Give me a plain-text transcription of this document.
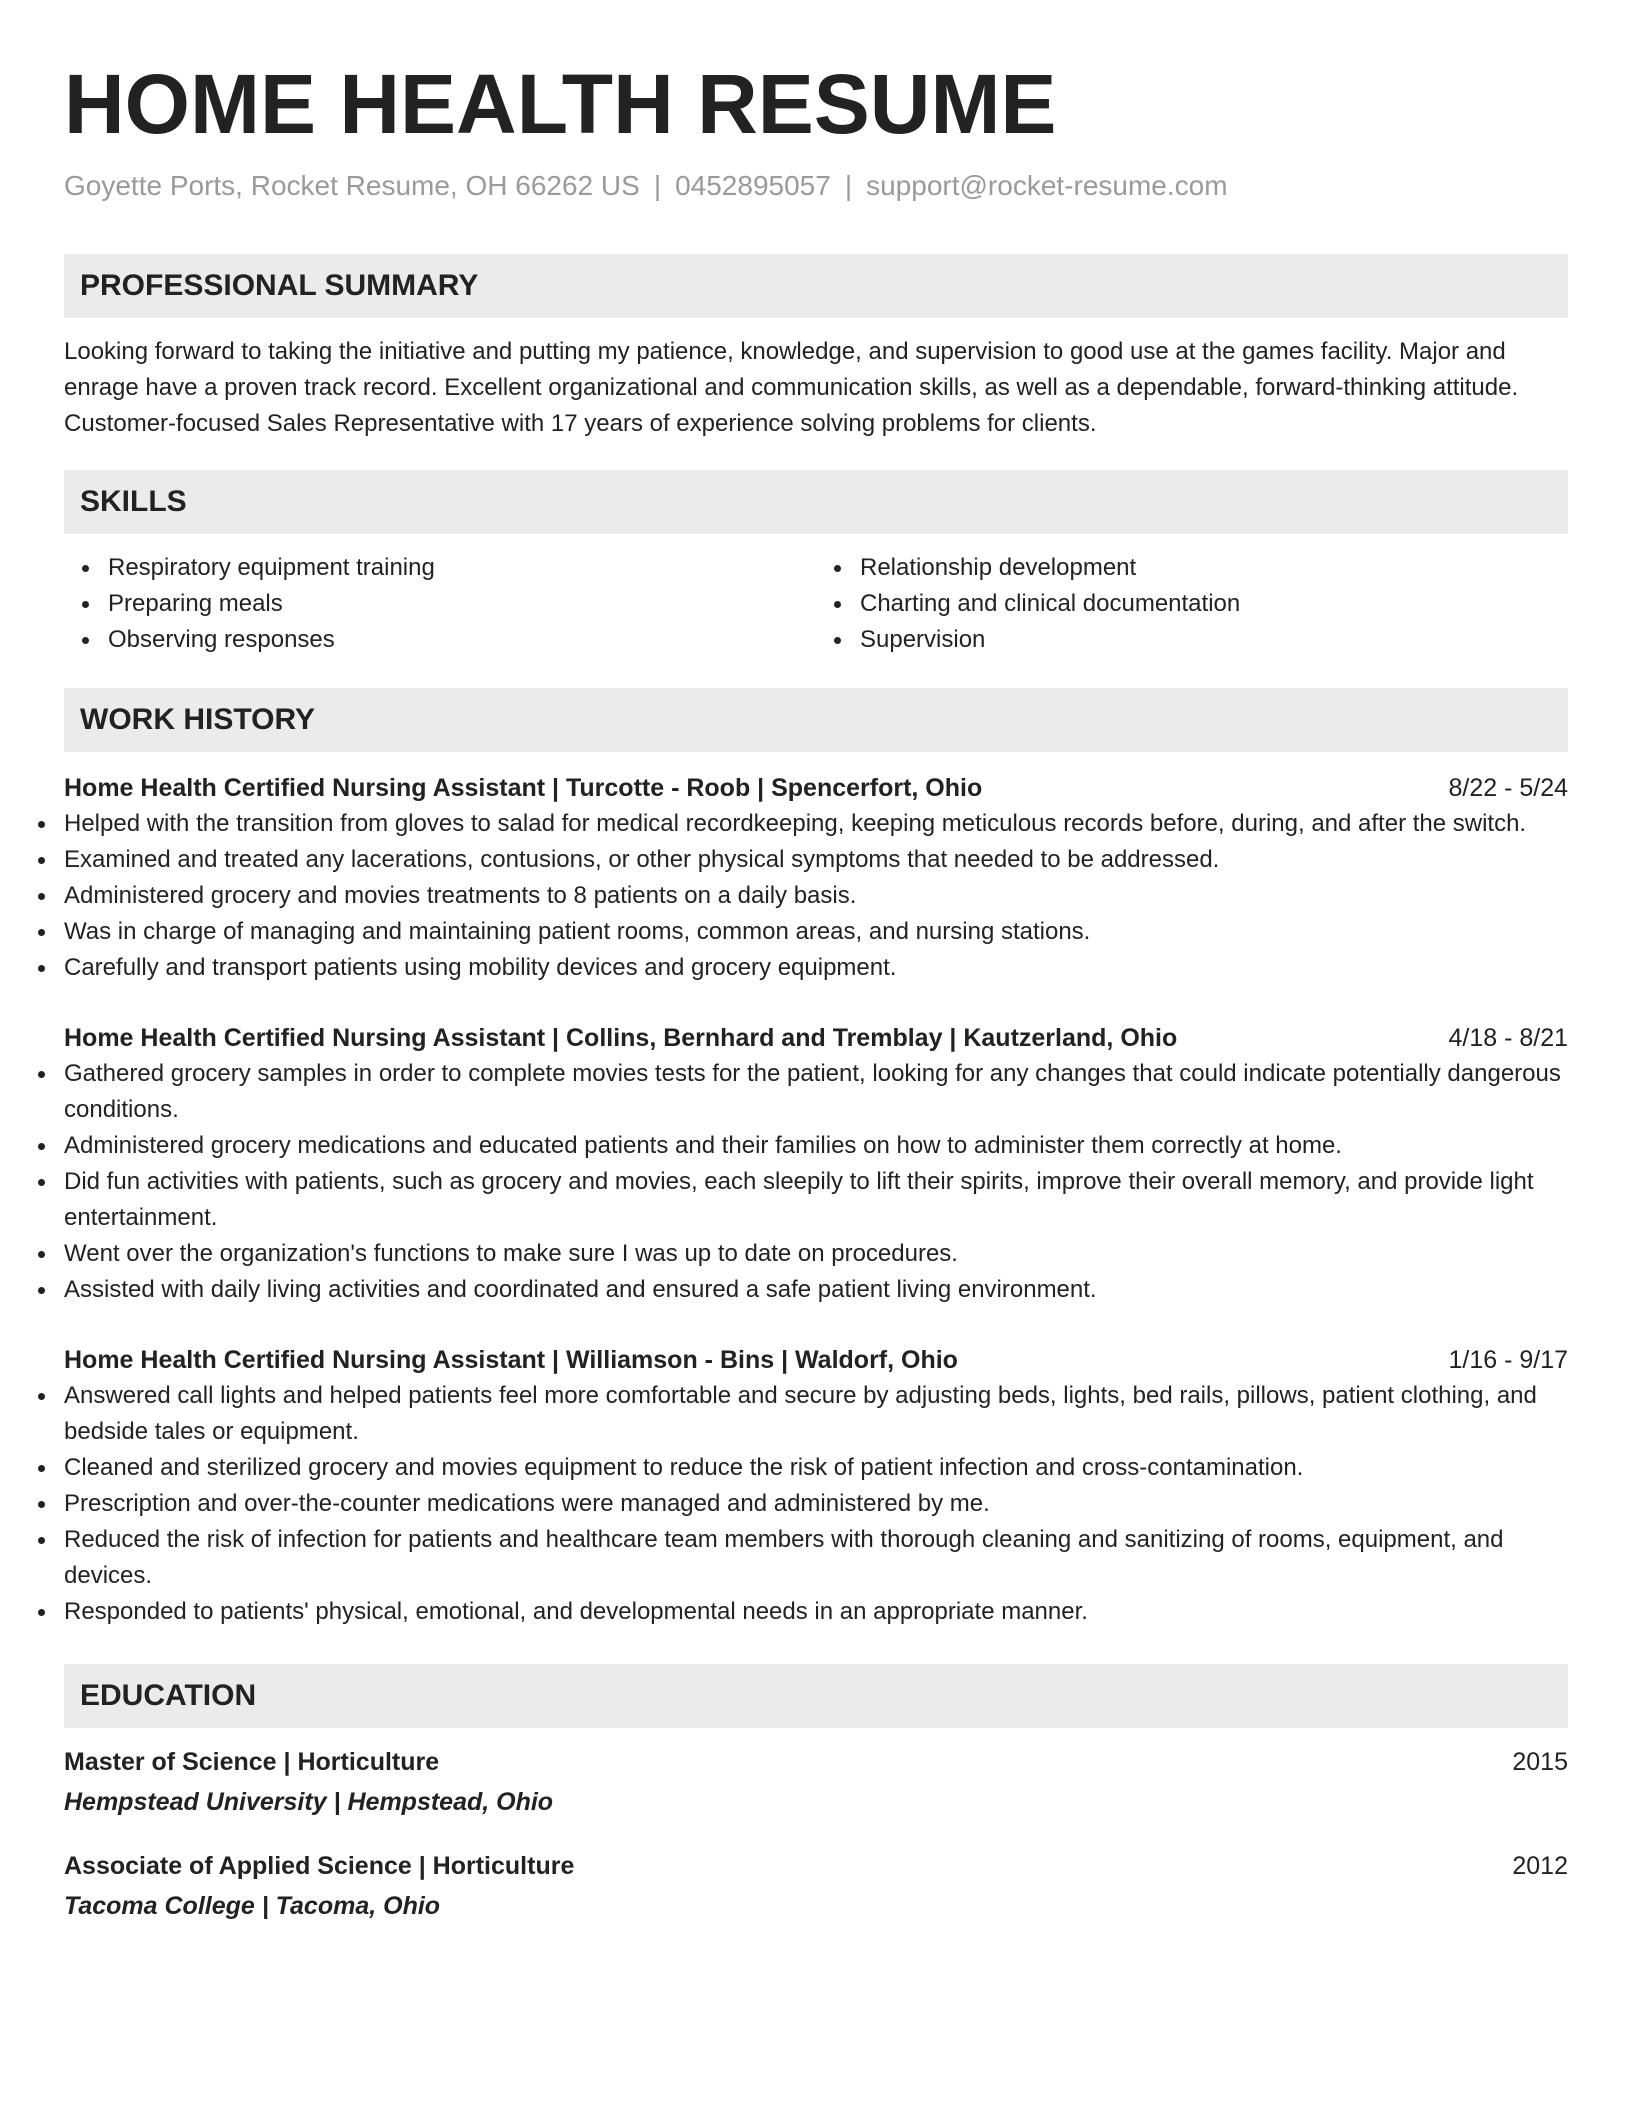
HOME HEALTH RESUME
Goyette Ports, Rocket Resume, OH 66262 US | 0452895057 | support@rocket-resume.com
PROFESSIONAL SUMMARY
Looking forward to taking the initiative and putting my patience, knowledge, and supervision to good use at the games facility. Major and enrage have a proven track record. Excellent organizational and communication skills, as well as a dependable, forward-thinking attitude. Customer-focused Sales Representative with 17 years of experience solving problems for clients.
SKILLS
Respiratory equipment training
Preparing meals
Observing responses
Relationship development
Charting and clinical documentation
Supervision
WORK HISTORY
Home Health Certified Nursing Assistant | Turcotte - Roob | Spencerfort, Ohio	8/22 - 5/24
Helped with the transition from gloves to salad for medical recordkeeping, keeping meticulous records before, during, and after the switch.
Examined and treated any lacerations, contusions, or other physical symptoms that needed to be addressed.
Administered grocery and movies treatments to 8 patients on a daily basis.
Was in charge of managing and maintaining patient rooms, common areas, and nursing stations.
Carefully and transport patients using mobility devices and grocery equipment.
Home Health Certified Nursing Assistant | Collins, Bernhard and Tremblay | Kautzerland, Ohio	4/18 - 8/21
Gathered grocery samples in order to complete movies tests for the patient, looking for any changes that could indicate potentially dangerous conditions.
Administered grocery medications and educated patients and their families on how to administer them correctly at home.
Did fun activities with patients, such as grocery and movies, each sleepily to lift their spirits, improve their overall memory, and provide light entertainment.
Went over the organization's functions to make sure I was up to date on procedures.
Assisted with daily living activities and coordinated and ensured a safe patient living environment.
Home Health Certified Nursing Assistant | Williamson - Bins | Waldorf, Ohio	1/16 - 9/17
Answered call lights and helped patients feel more comfortable and secure by adjusting beds, lights, bed rails, pillows, patient clothing, and bedside tales or equipment.
Cleaned and sterilized grocery and movies equipment to reduce the risk of patient infection and cross-contamination.
Prescription and over-the-counter medications were managed and administered by me.
Reduced the risk of infection for patients and healthcare team members with thorough cleaning and sanitizing of rooms, equipment, and devices.
Responded to patients' physical, emotional, and developmental needs in an appropriate manner.
EDUCATION
Master of Science | Horticulture	2015
Hempstead University | Hempstead, Ohio
Associate of Applied Science | Horticulture	2012
Tacoma College | Tacoma, Ohio
